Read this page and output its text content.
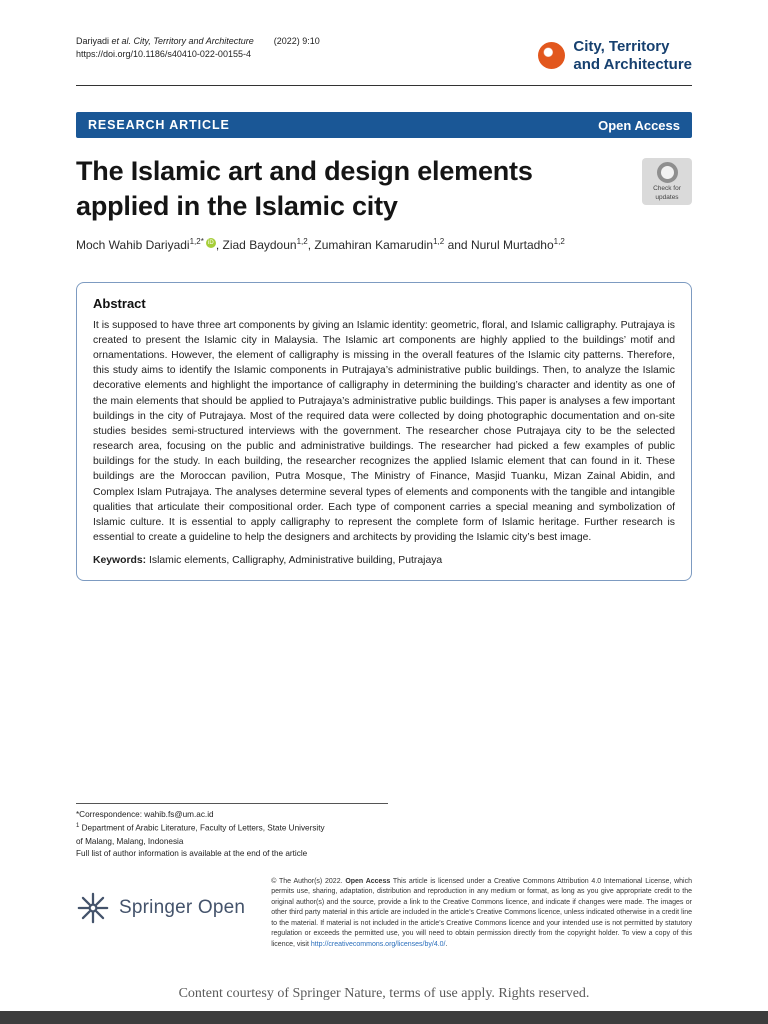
Dariyadi et al. City, Territory and Architecture (2022) 9:10
https://doi.org/10.1186/s40410-022-00155-4	City, Territory
and Architecture
RESEARCH ARTICLE	Open Access
The Islamic art and design elements applied in the Islamic city
Check for
updates
Moch Wahib Dariyadi$^{1,2*}$ iD , Ziad Baydoun$^{1,2}$, Zumahiran Kamarudin$^{1,2}$ and Nurul Murtadho$^{1,2}$
Abstract

It is supposed to have three art components by giving an Islamic identity: geometric, floral, and Islamic calligraphy. Putrajaya is created to present the Islamic city in Malaysia. The Islamic art components are highly applied to the buildings’ motif and ornamentations. However, the element of calligraphy is missing in the overall features of the Islamic city patterns. Therefore, this study aims to identify the Islamic components in Putrajaya’s administrative public buildings. Then, to analyze the Islamic decorative elements and highlight the importance of calligraphy in determining the building’s character and identity as one of the main elements that should be applied to Putrajaya’s administrative public buildings. This paper is analyses a few important buildings in the city of Putrajaya. Most of the required data were collected by doing photographic documentation and on-site studies besides semi-structured interviews with the government. The researcher chose Putrajaya city to be the selected research area, focusing on the public and administrative buildings. The researcher had picked a few examples of public buildings for the study. In each building, the researcher recognizes the applied Islamic element that can found in it. These buildings are the Moroccan pavilion, Putra Mosque, The Ministry of Finance, Masjid Tuanku, Mizan Zainal Abidin, and Complex Islam Putrajaya. The analyses determine several types of elements and components with the tangible and intangible qualities that articulate their compositional order. Each type of component carries a special meaning and symbolization of Islamic culture. It is essential to apply calligraphy to represent the complete form of Islamic heritage. Further research is essential to create a guideline to help the designers and architects by providing the Islamic city’s best image.

Keywords: Islamic elements, Calligraphy, Administrative building, Putrajaya

*Correspondence: wahib.fs@um.ac.id
$^1$ Department of Arabic Literature, Faculty of Letters, State University
of Malang, Malang, Indonesia
Full list of author information is available at the end of the article
Springer Open

© The Author(s) 2022. Open Access This article is licensed under a Creative Commons Attribution 4.0 International License, which permits use, sharing, adaptation, distribution and reproduction in any medium or format, as long as you give appropriate credit to the original author(s) and the source, provide a link to the Creative Commons licence, and indicate if changes were made. The images or other third party material in this article are included in the article’s Creative Commons licence, unless indicated otherwise in a credit line to the material. If material is not included in the article’s Creative Commons licence and your intended use is not permitted by statutory regulation or exceeds the permitted use, you will need to obtain permission directly from the copyright holder. To view a copy of this licence, visit http://creativecommons.org/licenses/by/4.0/.

Content courtesy of Springer Nature, terms of use apply. Rights reserved.
